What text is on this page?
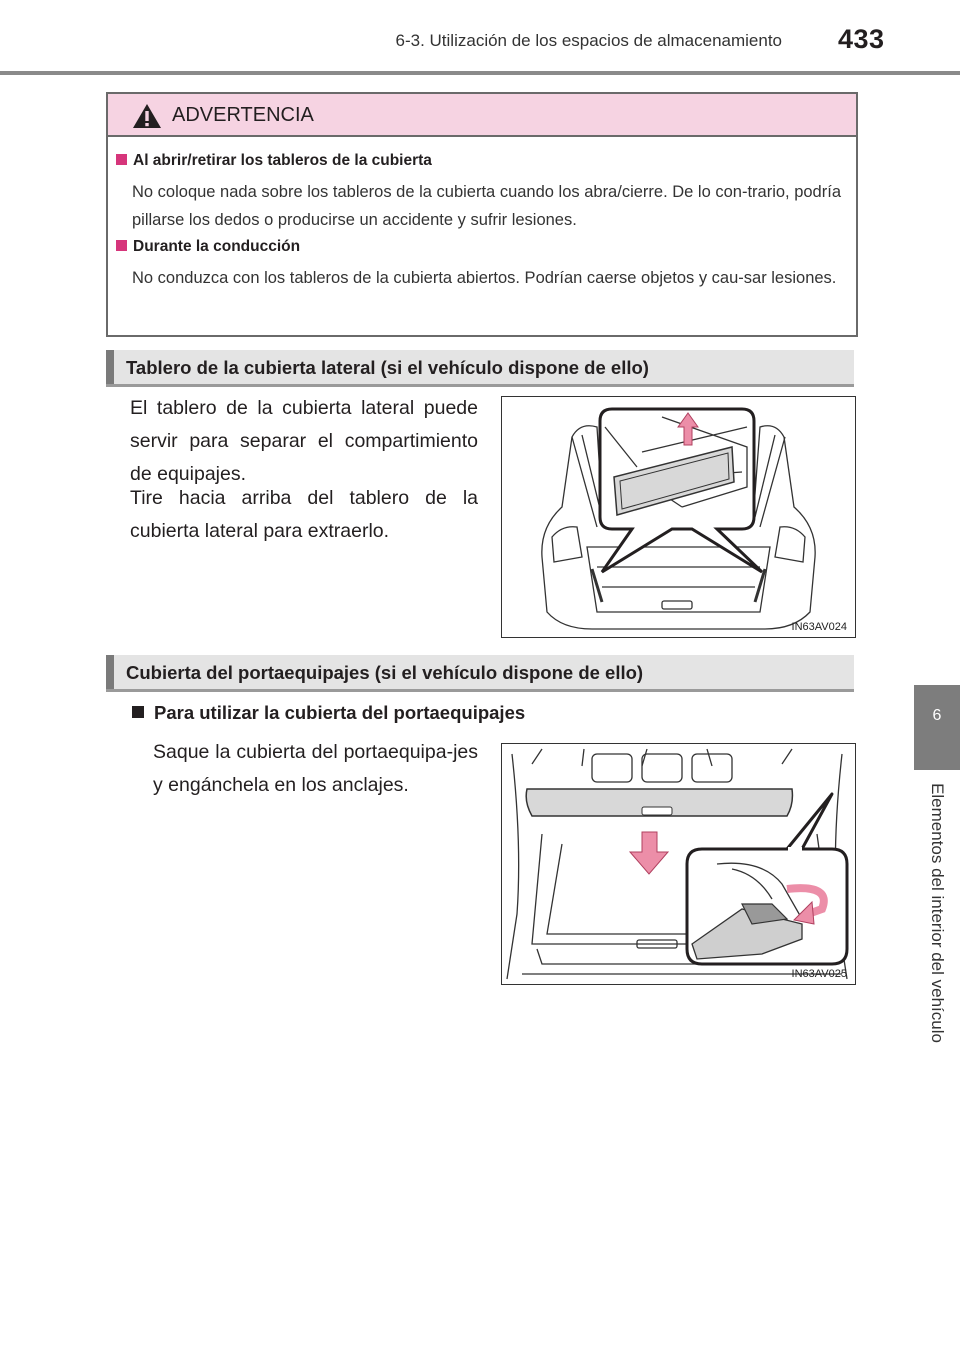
6-3. Utilización de los espacios de almacenamiento 433
6
Elementos del interior del vehículo
ADVERTENCIA
Al abrir/retirar los tableros de la cubierta
No coloque nada sobre los tableros de la cubierta cuando los abra/cierre. De lo con-trario, podría pillarse los dedos o producirse un accidente y sufrir lesiones.
Durante la conducción
No conduzca con los tableros de la cubierta abiertos. Podrían caerse objetos y cau-sar lesiones.
Tablero de la cubierta lateral (si el vehículo dispone de ello)
El tablero de la cubierta lateral puede servir para separar el compartimiento de equipajes.
Tire hacia arriba del tablero de la cubierta lateral para extraerlo.
IN63AV024
Cubierta del portaequipajes (si el vehículo dispone de ello)
Para utilizar la cubierta del portaequipajes
Saque la cubierta del portaequipa-jes y engánchela en los anclajes.
IN63AV025
